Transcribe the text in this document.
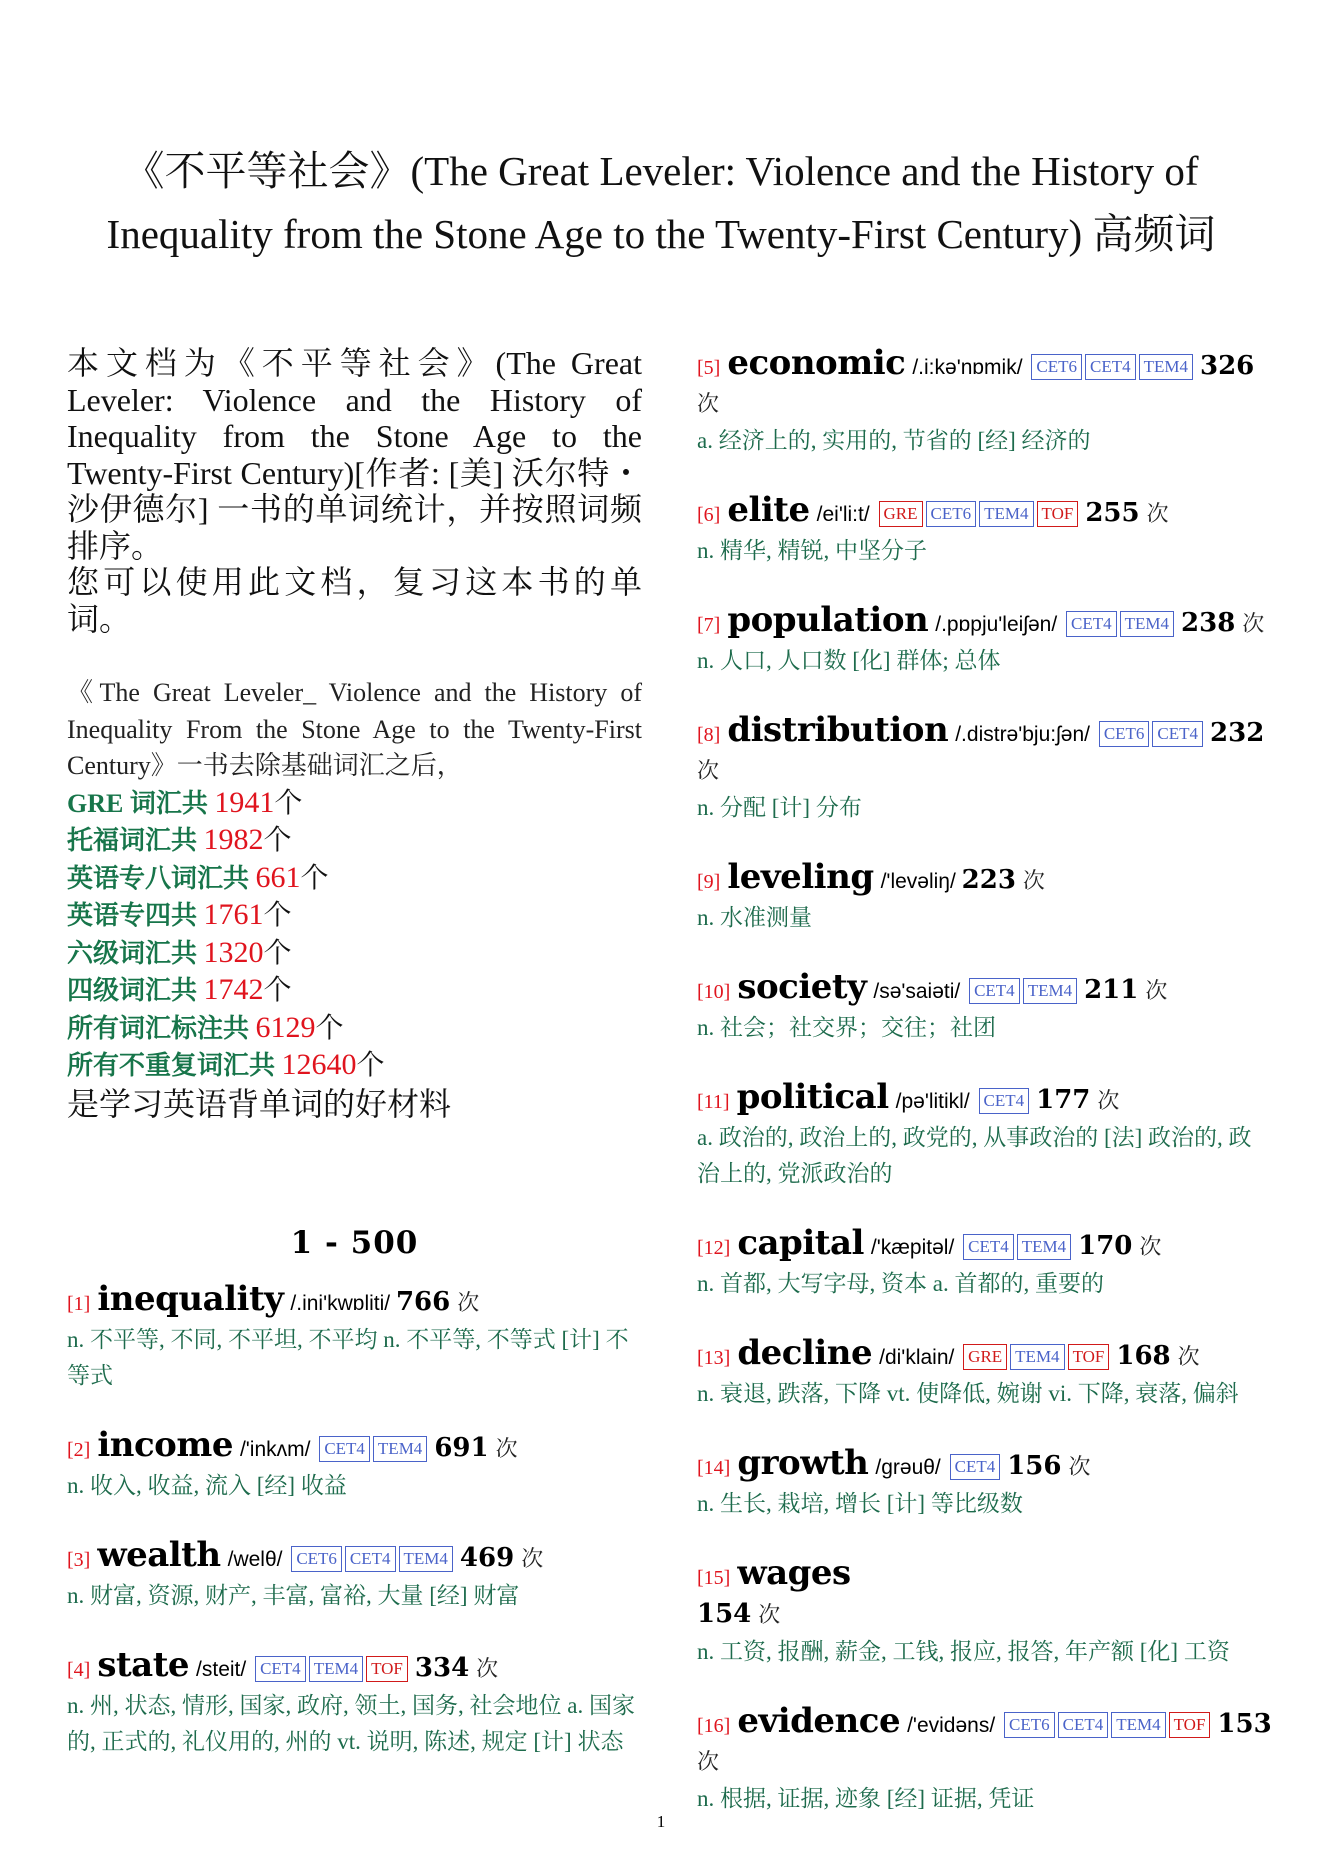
《不平等社会》(The Great Leveler: Violence and the History of Inequality from the Stone Age to the Twenty-First Century) 高频词

本文档为《不平等社会》(The Great Leveler: Violence and the History of Inequality from the Stone Age to the Twenty-First Century)[作者: [美] 沃尔特・沙伊德尔] 一书的单词统计，并按照词频排序。

您可以使用此文档，复习这本书的单词。

《The Great Leveler_ Violence and the History of Inequality From the Stone Age to the Twenty-First Century》一书去除基础词汇之后，
GRE 词汇共 1941个
托福词汇共 1982个
英语专八词汇共 661个
英语专四共 1761个
六级词汇共 1320个
四级词汇共 1742个
所有词汇标注共 6129个
所有不重复词汇共 12640个
是学习英语背单词的好材料
1 - 500
[1] inequality /.ini'kwɒliti/ 766 次
n. 不平等, 不同, 不平坦, 不平均 n. 不平等, 不等式 [计] 不等式
[2] income /'inkʌm/ CET4 TEM4 691 次
n. 收入, 收益, 流入 [经] 收益
[3] wealth /welθ/ CET6 CET4 TEM4 469 次
n. 财富, 资源, 财产, 丰富, 富裕, 大量 [经] 财富
[4] state /steit/ CET4 TEM4 TOF 334 次
n. 州, 状态, 情形, 国家, 政府, 领土, 国务, 社会地位 a. 国家的, 正式的, 礼仪用的, 州的 vt. 说明, 陈述, 规定 [计] 状态
[5] economic /.i:kə'nɒmik/ CET6 CET4 TEM4 326 次
a. 经济上的, 实用的, 节省的 [经] 经济的
[6] elite /ei'li:t/ GRE CET6 TEM4 TOF 255 次
n. 精华, 精锐, 中坚分子
[7] population /.pɒpju'leiʃən/ CET4 TEM4 238 次
n. 人口, 人口数 [化] 群体; 总体
[8] distribution /.distrə'bju:ʃən/ CET6 CET4 232 次
n. 分配 [计] 分布
[9] leveling /'levəliŋ/ 223 次
n. 水准测量
[10] society /sə'saiəti/ CET4 TEM4 211 次
n. 社会；社交界；交往；社团
[11] political /pə'litikl/ CET4 177 次
a. 政治的, 政治上的, 政党的, 从事政治的 [法] 政治的, 政治上的, 党派政治的
[12] capital /'kæpitəl/ CET4 TEM4 170 次
n. 首都, 大写字母, 资本 a. 首都的, 重要的
[13] decline /di'klain/ GRE TEM4 TOF 168 次
n. 衰退, 跌落, 下降 vt. 使降低, 婉谢 vi. 下降, 衰落, 偏斜
[14] growth /grəuθ/ CET4 156 次
n. 生长, 栽培, 增长 [计] 等比级数
[15] wages
154 次
n. 工资, 报酬, 薪金, 工钱, 报应, 报答, 年产额 [化] 工资
[16] evidence /'evidəns/ CET6 CET4 TEM4 TOF 153 次
n. 根据, 证据, 迹象 [经] 证据, 凭证
1
